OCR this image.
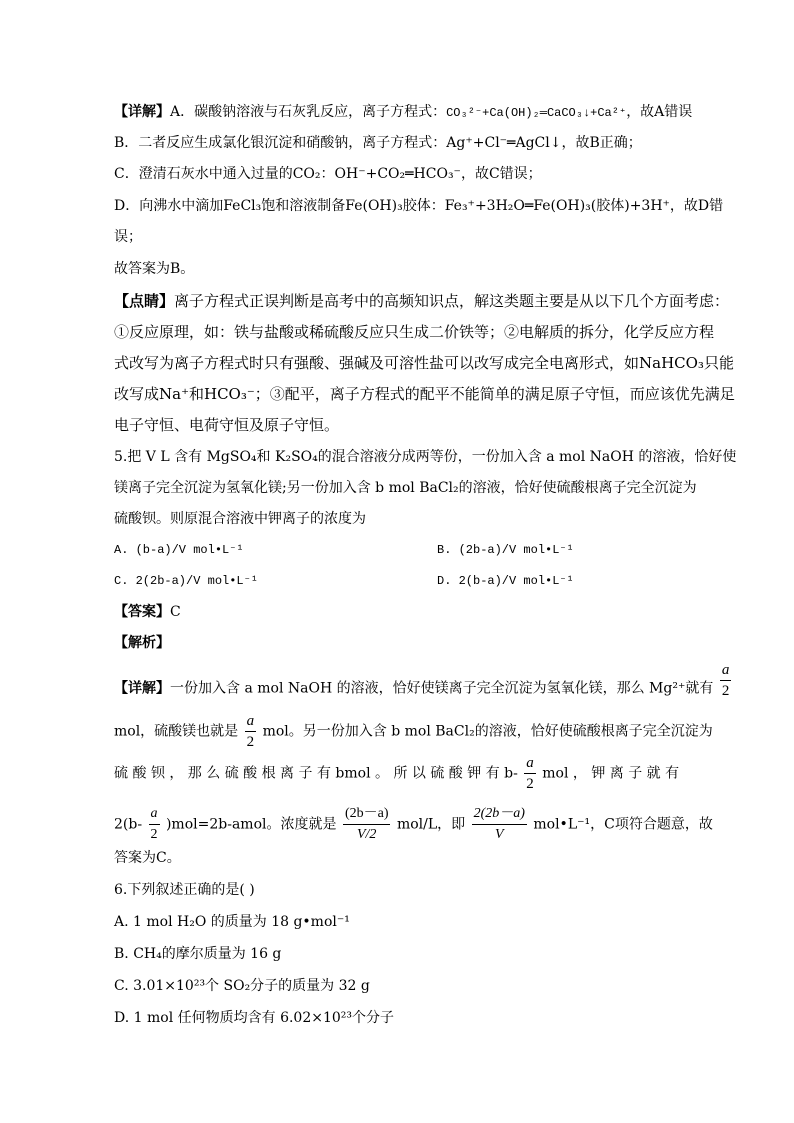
【详解】A．碳酸钠溶液与石灰乳反应，离子方程式：CO₃²⁻+Ca(OH)₂═CaCO₃↓+Ca²⁺，故A错误
B．二者反应生成氯化银沉淀和硝酸钠，离子方程式：Ag⁺+Cl⁻═AgCl↓，故B正确；
C．澄清石灰水中通入过量的CO₂：OH⁻+CO₂═HCO₃⁻，故C错误；
D．向沸水中滴加FeCl₃饱和溶液制备Fe(OH)₃胶体：Fe₃⁺+3H₂O═Fe(OH)₃(胶体)+3H⁺，故D错
误；
故答案为B。
【点睛】离子方程式正误判断是高考中的高频知识点，解这类题主要是从以下几个方面考虑：
①反应原理，如：铁与盐酸或稀硫酸反应只生成二价铁等；②电解质的拆分，化学反应方程
式改写为离子方程式时只有强酸、强碱及可溶性盐可以改写成完全电离形式，如NaHCO₃只能
改写成Na⁺和HCO₃⁻；③配平，离子方程式的配平不能简单的满足原子守恒，而应该优先满足
电子守恒、电荷守恒及原子守恒。
5.把 V L 含有 MgSO₄和 K₂SO₄的混合溶液分成两等份，一份加入含 a mol NaOH 的溶液，恰好使
镁离子完全沉淀为氢氧化镁;另一份加入含 b mol BaCl₂的溶液，恰好使硫酸根离子完全沉淀为
硫酸钡。则原混合溶液中钾离子的浓度为
A. (b-a)/V mol•L⁻¹	B. (2b-a)/V mol•L⁻¹
C. 2(2b-a)/V mol•L⁻¹	D. 2(b-a)/V mol•L⁻¹
【答案】C
【解析】
【详解】一份加入含 a mol NaOH 的溶液，恰好使镁离子完全沉淀为氢氧化镁，那么 Mg²⁺就有 $\frac{a}{2}$
mol，硫酸镁也就是 $\frac{a}{2}$ mol。另一份加入含 b mol BaCl₂的溶液，恰好使硫酸根离子完全沉淀为
硫 酸 钡 ， 那 么 硫 酸 根 离 子 有 bmol 。 所 以 硫 酸 钾 有 $b- \frac{a}{2}$ mol ， 钾 离 子 就 有
$2(b- \frac{a}{2}$ )mol=2b-amol。浓度就是 $\frac{(2b-a)}{V/2} mol/L$，即 $\frac{2(2b-a)}{V}$ mol•L⁻¹，C项符合题意，故
答案为C。
6.下列叙述正确的是( )
A. 1 mol H₂O 的质量为 18 g•mol⁻¹
B. CH₄的摩尔质量为 16 g
C. 3.01×10²³个 SO₂分子的质量为 32 g
D. 1 mol 任何物质均含有 6.02×10²³个分子
